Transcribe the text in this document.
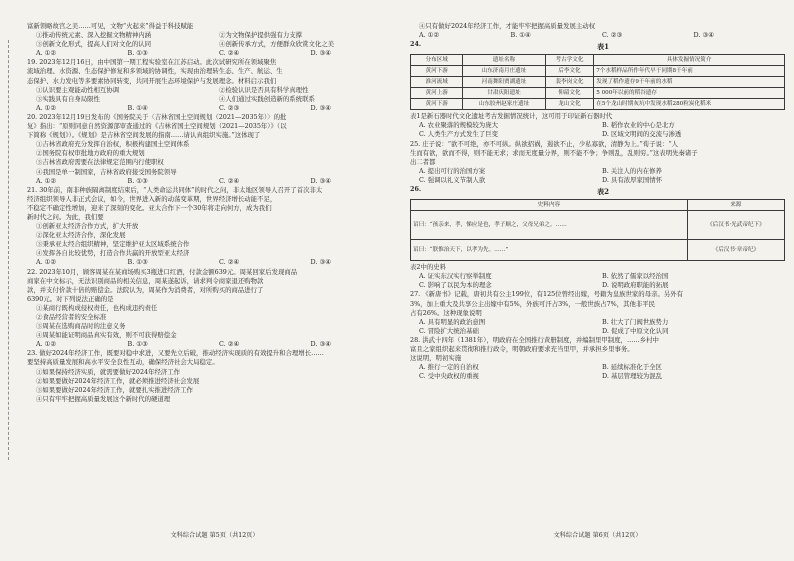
富新领略故宫之美……可见，文物“火起来”得益于科技赋能

①推动传统元素、深入挖掘文物精神内涵	②为文物保护提供强有力支撑
③创新文化形式，提高人们对文化的认同	④创新传承方式，方便群众欣赏文化之美
A. ①②	B. ①③	C. ②④	D. ③④

19. 2023年12月16日，由中国第一期工程实验室在江苏启动。此次试研究所在领域聚焦

流域治理、水资源、生态保护修复和多领域的协调性，实现由治理转生态、生产、航运、生

态保护、水力发电等多要素协同转变，共同开展生态环境保护与发展理念。材料启示我们

①认识要主观能动性相互协调	②检验认识是否具有科学真理性
③实践具有自身局限性	④人们通过实践创造新的系统联系
A. ①②	B. ①④	C. ②③	D. ③④

20. 2023年12月19日发布的《国务院关于〈吉林省国土空间规划（2021—2035年）〉的批

复》指出：“原则同意自然资源部审查通过的《吉林省国土空间规划（2021—2035年）》（以

下简称《规划》）。《规划》是吉林省空间发展的指南……请认真组织实施。”这体现了

①吉林省政府充分发挥自治权，积极构建国土空间体系

②国务院有权审批地方政府的重大规划

③吉林省政府需要在法律规定范围内行使职权

④我国是单一制国家，吉林省政府接受国务院领导

A. ①②	B. ①③	C. ②④	D. ③④

21. 30年前，南非种族隔离制度结束后，“人类命运共同体”的时代之问，非太地区领导人召开了首次非太

经济组织领导人非正式会议，如今，世界进入新的动荡变革期，世界经济增长动能不足，

不稳定不确定性增加，迎来了深刻的变化。亚太合作下一个30年将走向何方，成为我们

新时代之问。为此，我们要

①创新亚太经济合作方式，扩大开放

②深化亚太经济合作，深化发展

③秉承亚太经合组织精神，坚定维护亚太区域系统合作

④发挥各自比较优势，打造合作共赢的开放型亚太经济

A. ①②	B. ①③	C. ②④	D. ③④

22. 2023年10月，顾客周某在某商场购买3瓶进口红酒，付款金额639元。周某回家后发现商品

商家在中文标示，无法识别商品的相关信息，周某遂起诉，请求判令商家退还购物款

款，并支付价款十倍的赔偿金。法院认为，周某作为消费者，对所购买的商品进行了

6390元。对下列说法正确的是

①某商行既构成侵权责任，也构成违约责任

②食品经营者的安全标准

③周某在选购商品时的注意义务

④周某如能证明商品真实有效，则不可获得赔偿金

A. ①②	B. ①③	C. ②④	D. ③④

23. 做好2024年经济工作，既要对稳中求进，又要先立后破，推动经济实现质的有效提升和合理增长……

要坚持高质量发展和高水平安全良性互动，确保经济社会大局稳定。

①如果保持经济实质，就需要做好2024年经济工作

②如果要做好2024年经济工作，就必须推进经济社会发展

③如果要做好2024年经济工作，就要扎实推进经济工作

④只有牢牢把握高质量发展这个新时代的硬道理

文科综合试题 第5页（共12页）

④只有做好2024年经济工作，才能牢牢把握高质量发展主动权

A. ①②	B. ①④	C. ②③	D. ③④
24.	表1
分布区域	遗址名称	考古学文化	具体发掘情况简介
黄河下游	山东济南月庄遗址	后李文化	7个水稻样品所作年代早于同期8千年前
淮河流域	河南舞阳贾湖遗址	裴李岗文化	发现了稻作遗存9千年前的水稻
黄河上游	甘肃庆阳遗址	仰韶文化	5 000年以前的稻谷遗存
黄河下游	山东胶州赵家庄遗址	龙山文化	在5个龙山时期灰坑中发现水稻280粒炭化稻米

表1是新石器时代文化遗址考古发掘情况统计，这可用于印证新石器时代

A. 农业聚落的规模较为庞大	B. 稻作农业的中心是北方
C. 人类生产方式发生了巨变	D. 区域文明间的交流与渗透

25. 庄子说：“欲不可绝，亦不可纵。纵欲招祸，遏欲不止，少私寡欲，清静为上。”荀子说：“人

生而有欲，欲而不得，则不能无求；求而无度量分界，则不能不争；争则乱，乱则穷。”这表明先秦诸子

出二者都

A. 提出可行的治国方案	B. 关注人的内在修养
C. 强调以礼义节制人欲	D. 具有浓厚家国情怀
26.	表2
史料内容	来源
诏曰：“孩亲来，孝，悌应是也，孝子顺之，父母兄弟之。……	《后汉书·光武帝纪下》
诏曰：“朕惟治天下，以孝为先。……”	《后汉书·章帝纪》

表2中的史料

A. 证实东汉实行察举制度	B. 依然了儒家以经治国
C. 影响了以民为本的理念	D. 说明政府职能的拓展

27. 《新唐书》记载，唐初共有公主199位，有125位曾经出嫁，号籍为皇族世家的母亲。另外有

3%，加上重大及共享公主出嫁中有5%，外族可汗占3%，一般世族占7%，其他非平民

占有26%。这种现象说明

A. 具有明显的政治意图	B. 壮大了门阀世族势力
C. 冒险扩大统治基础	D. 促成了中原文化认同

28. 洪武十四年（1381年），明政府在全国推行黄册制度，并编制里甲制度，……乡村中

富且之家组织起来贯彻和推行政令，明朝政府要求充当里甲，并承担乡里事务。

这说明，明初实施

A. 推行一定的自治权	B. 延续标准化于全区
C. 受中央政权的重视	D. 基层管理较为混乱
文科综合试题 第6页（共12页）
